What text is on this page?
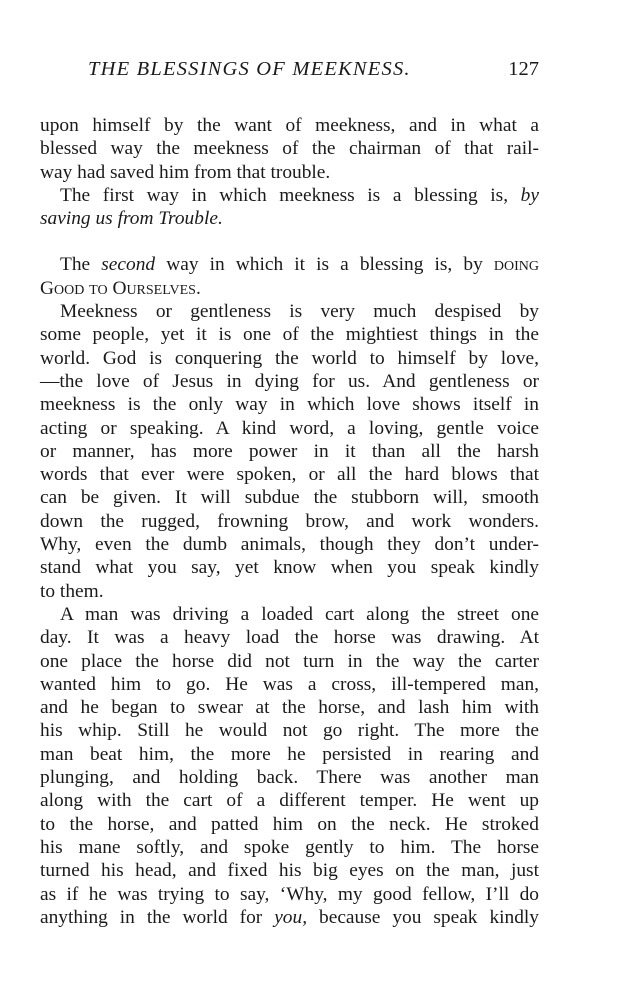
THE BLESSINGS OF MEEKNESS.	127
upon himself by the want of meekness, and in what a
blessed way the meekness of the chairman of that rail-
way had saved him from that trouble.
The first way in which meekness is a blessing is, by
saving us from Trouble.
The second way in which it is a blessing is, by doing
Good to Ourselves.
Meekness or gentleness is very much despised by
some people, yet it is one of the mightiest things in the
world. God is conquering the world to himself by love,
—the love of Jesus in dying for us. And gentleness or
meekness is the only way in which love shows itself in
acting or speaking. A kind word, a loving, gentle voice
or manner, has more power in it than all the harsh
words that ever were spoken, or all the hard blows that
can be given. It will subdue the stubborn will, smooth
down the rugged, frowning brow, and work wonders.
Why, even the dumb animals, though they don’t under-
stand what you say, yet know when you speak kindly
to them.
A man was driving a loaded cart along the street one
day. It was a heavy load the horse was drawing. At
one place the horse did not turn in the way the carter
wanted him to go. He was a cross, ill-tempered man,
and he began to swear at the horse, and lash him with
his whip. Still he would not go right. The more the
man beat him, the more he persisted in rearing and
plunging, and holding back. There was another man
along with the cart of a different temper. He went up
to the horse, and patted him on the neck. He stroked
his mane softly, and spoke gently to him. The horse
turned his head, and fixed his big eyes on the man, just
as if he was trying to say, ‘Why, my good fellow, I’ll do
anything in the world for you, because you speak kindly
